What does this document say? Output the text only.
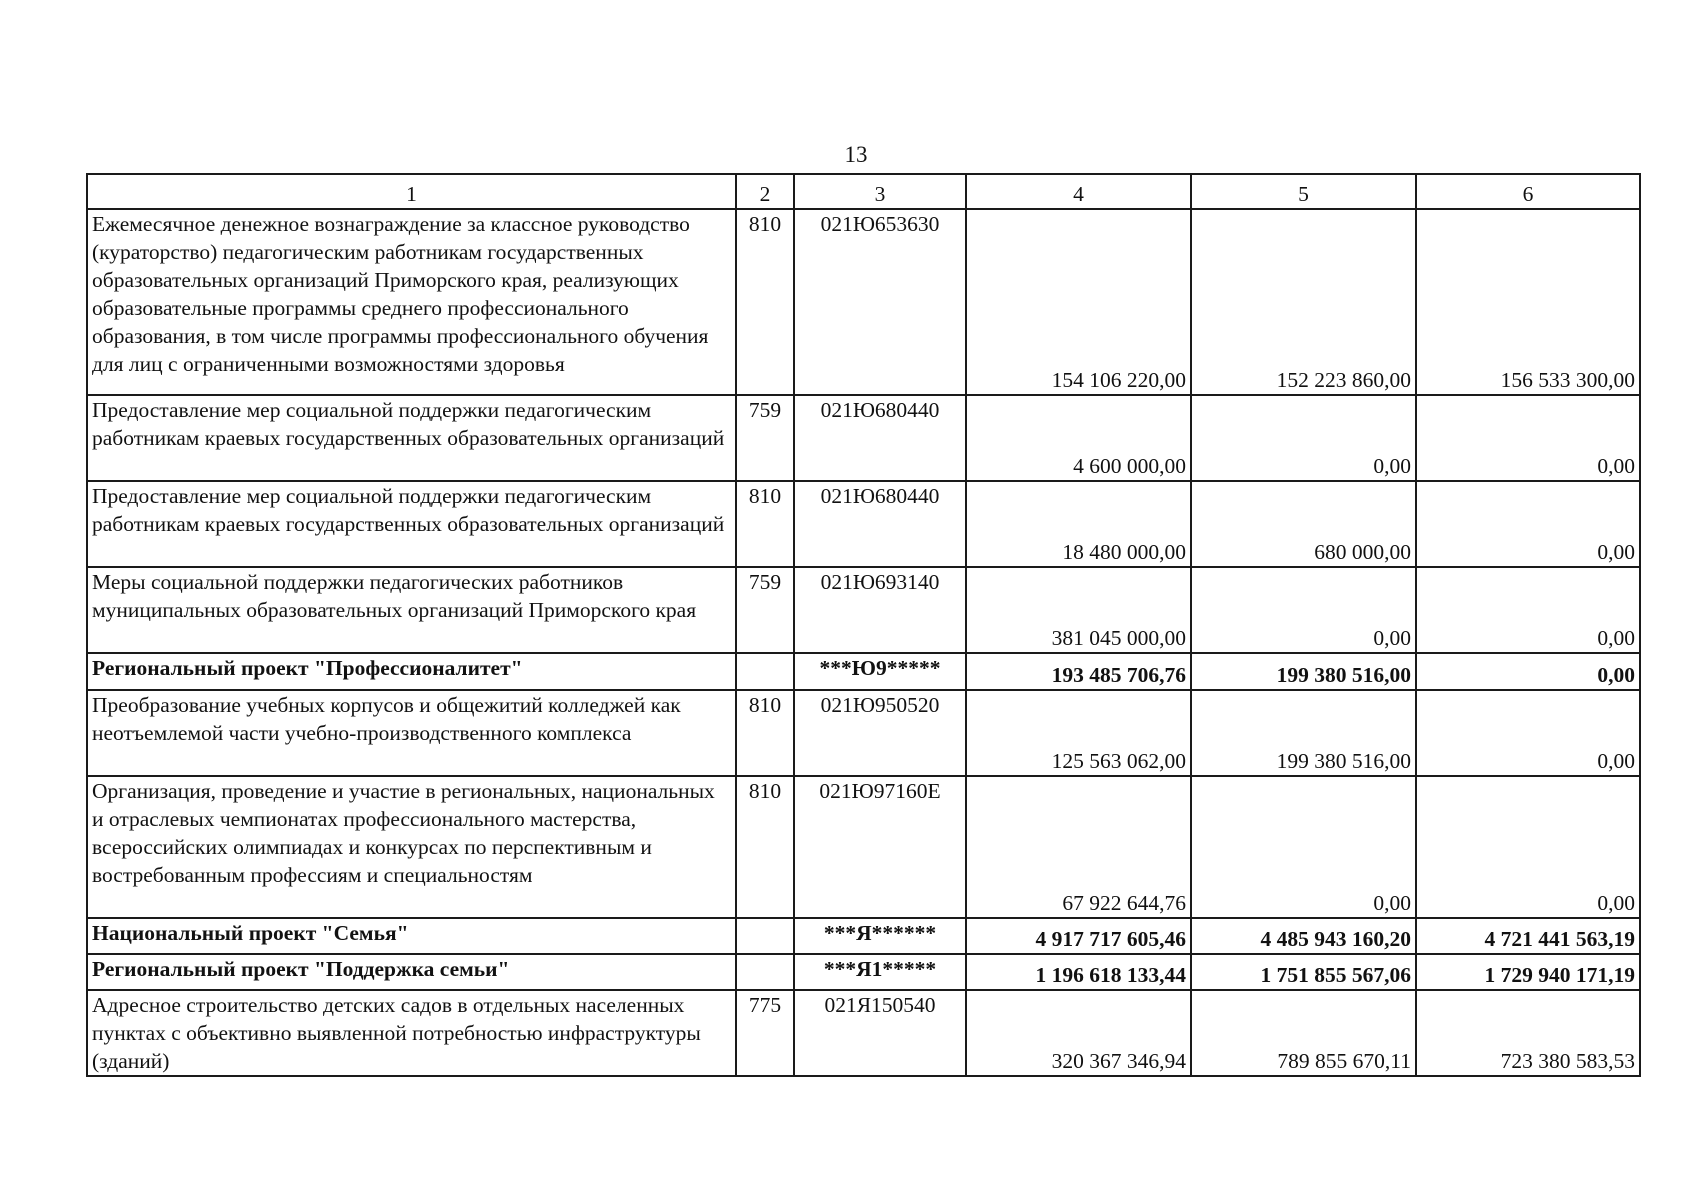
13
1	2	3	4	5	6
Ежемесячное денежное вознаграждение за классное руководство (кураторство) педагогическим работникам государственных образовательных организаций Приморского края, реализующих образовательные программы среднего профессионального образования, в том числе программы профессионального обучения для лиц с ограниченными возможностями здоровья	810	021Ю653630	154 106 220,00	152 223 860,00	156 533 300,00
Предоставление мер социальной поддержки педагогическим работникам краевых государственных образовательных организаций	759	021Ю680440	4 600 000,00	0,00	0,00
Предоставление мер социальной поддержки педагогическим работникам краевых государственных образовательных организаций	810	021Ю680440	18 480 000,00	680 000,00	0,00
Меры социальной поддержки педагогических работников муниципальных образовательных организаций Приморского края	759	021Ю693140	381 045 000,00	0,00	0,00
Региональный проект "Профессионалитет"		***Ю9*****	193 485 706,76	199 380 516,00	0,00
Преобразование учебных корпусов и общежитий колледжей как неотъемлемой части учебно-производственного комплекса	810	021Ю950520	125 563 062,00	199 380 516,00	0,00
Организация, проведение и участие в региональных, национальных и отраслевых чемпионатах профессионального мастерства, всероссийских олимпиадах и конкурсах по перспективным и востребованным профессиям и специальностям	810	021Ю97160Е	67 922 644,76	0,00	0,00
Национальный проект "Семья"		***Я******	4 917 717 605,46	4 485 943 160,20	4 721 441 563,19
Региональный проект "Поддержка семьи"		***Я1*****	1 196 618 133,44	1 751 855 567,06	1 729 940 171,19
Адресное строительство детских садов в отдельных населенных пунктах с объективно выявленной потребностью инфраструктуры (зданий)	775	021Я150540	320 367 346,94	789 855 670,11	723 380 583,53
